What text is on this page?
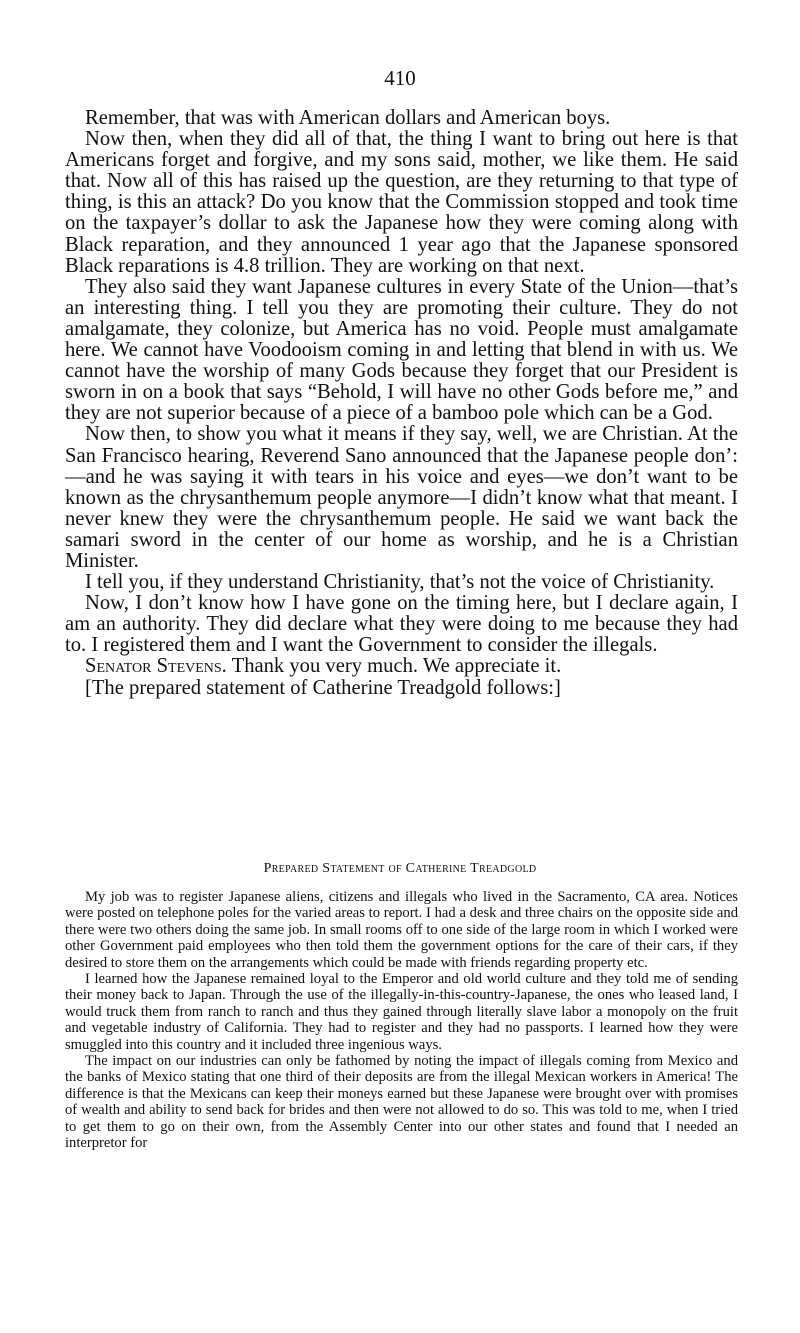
410

Remember, that was with American dollars and American boys.

Now then, when they did all of that, the thing I want to bring out here is that Americans forget and forgive, and my sons said, mother, we like them. He said that. Now all of this has raised up the question, are they returning to that type of thing, is this an attack? Do you know that the Commission stopped and took time on the taxpayer’s dollar to ask the Japanese how they were coming along with Black reparation, and they announced 1 year ago that the Japanese sponsored Black reparations is 4.8 trillion. They are working on that next.

They also said they want Japanese cultures in every State of the Union—that’s an interesting thing. I tell you they are promoting their culture. They do not amalgamate, they colonize, but America has no void. People must amalgamate here. We cannot have Voodooism coming in and letting that blend in with us. We cannot have the worship of many Gods because they forget that our President is sworn in on a book that says “Behold, I will have no other Gods before me,” and they are not superior because of a piece of a bamboo pole which can be a God.

Now then, to show you what it means if they say, well, we are Christian. At the San Francisco hearing, Reverend Sano announced that the Japanese people don’:—and he was saying it with tears in his voice and eyes—we don’t want to be known as the chrysanthemum people anymore—I didn’t know what that meant. I never knew they were the chrysanthemum people. He said we want back the samari sword in the center of our home as worship, and he is a Christian Minister.

I tell you, if they understand Christianity, that’s not the voice of Christianity.

Now, I don’t know how I have gone on the timing here, but I declare again, I am an authority. They did declare what they were doing to me because they had to. I registered them and I want the Government to consider the illegals.

Senator Stevens. Thank you very much. We appreciate it.

[The prepared statement of Catherine Treadgold follows:]

Prepared Statement of Catherine Treadgold

My job was to register Japanese aliens, citizens and illegals who lived in the Sacramento, CA area. Notices were posted on telephone poles for the varied areas to report. I had a desk and three chairs on the opposite side and there were two others doing the same job. In small rooms off to one side of the large room in which I worked were other Government paid employees who then told them the government options for the care of their cars, if they desired to store them on the arrangements which could be made with friends regarding property etc.

I learned how the Japanese remained loyal to the Emperor and old world culture and they told me of sending their money back to Japan. Through the use of the illegally-in-this-country-Japanese, the ones who leased land, I would truck them from ranch to ranch and thus they gained through literally slave labor a monopoly on the fruit and vegetable industry of California. They had to register and they had no passports. I learned how they were smuggled into this country and it included three ingenious ways.

The impact on our industries can only be fathomed by noting the impact of illegals coming from Mexico and the banks of Mexico stating that one third of their deposits are from the illegal Mexican workers in America! The difference is that the Mexicans can keep their moneys earned but these Japanese were brought over with promises of wealth and ability to send back for brides and then were not allowed to do so. This was told to me, when I tried to get them to go on their own, from the Assembly Center into our other states and found that I needed an interpretor for
